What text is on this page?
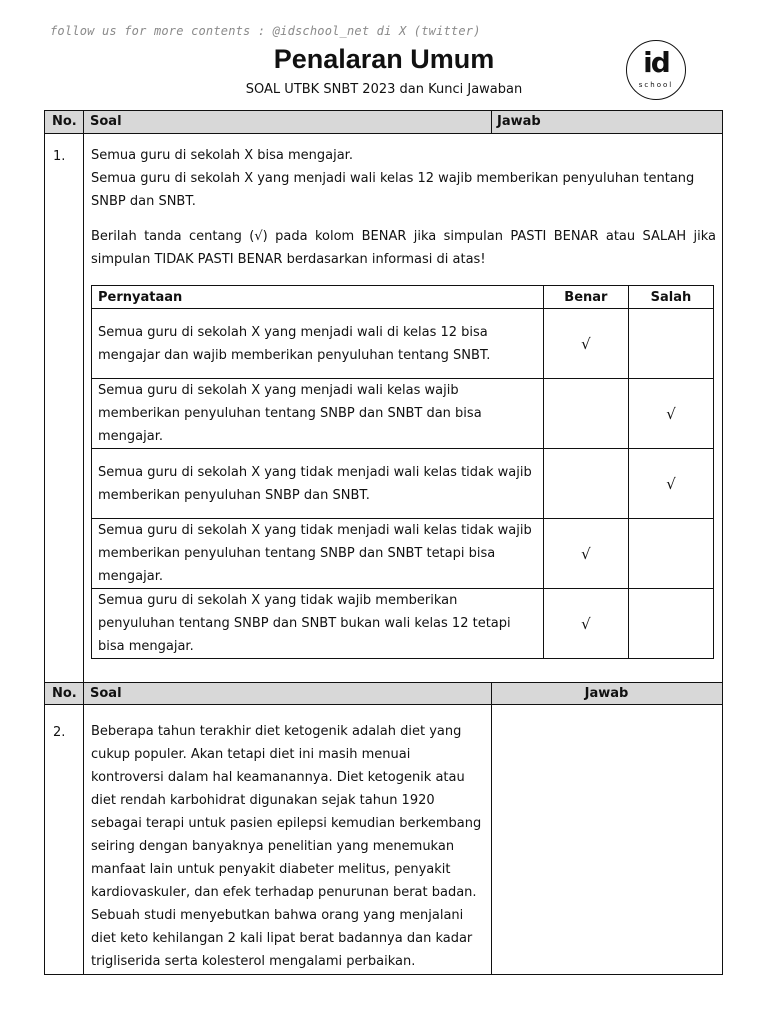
follow us for more contents : @idschool_net di X (twitter)
Penalaran Umum
SOAL UTBK SNBT 2023 dan Kunci Jawaban
id
school
No. Soal	Jawab
1. Semua guru di sekolah X bisa mengajar.
Semua guru di sekolah X yang menjadi wali kelas 12 wajib memberikan penyuluhan tentang SNBP dan SNBT.
Berilah tanda centang (√) pada kolom BENAR jika simpulan PASTI BENAR atau SALAH jika simpulan TIDAK PASTI BENAR berdasarkan informasi di atas!
Pernyataan	Benar	Salah
Semua guru di sekolah X yang menjadi wali di kelas 12 bisa mengajar dan wajib memberikan penyuluhan tentang SNBT.	√	
Semua guru di sekolah X yang menjadi wali kelas wajib memberikan penyuluhan tentang SNBP dan SNBT dan bisa mengajar.		√
Semua guru di sekolah X yang tidak menjadi wali kelas tidak wajib memberikan penyuluhan SNBP dan SNBT.		√
Semua guru di sekolah X yang tidak menjadi wali kelas tidak wajib memberikan penyuluhan tentang SNBP dan SNBT tetapi bisa mengajar.	√	
Semua guru di sekolah X yang tidak wajib memberikan penyuluhan tentang SNBP dan SNBT bukan wali kelas 12 tetapi bisa mengajar.	√	
No. Soal	Jawab
2. Beberapa tahun terakhir diet ketogenik adalah diet yang cukup populer. Akan tetapi diet ini masih menuai kontroversi dalam hal keamanannya. Diet ketogenik atau diet rendah karbohidrat digunakan sejak tahun 1920 sebagai terapi untuk pasien epilepsi kemudian berkembang seiring dengan banyaknya penelitian yang menemukan manfaat lain untuk penyakit diabeter melitus, penyakit kardiovaskuler, dan efek terhadap penurunan berat badan. Sebuah studi menyebutkan bahwa orang yang menjalani diet keto kehilangan 2 kali lipat berat badannya dan kadar trigliserida serta kolesterol mengalami perbaikan.
